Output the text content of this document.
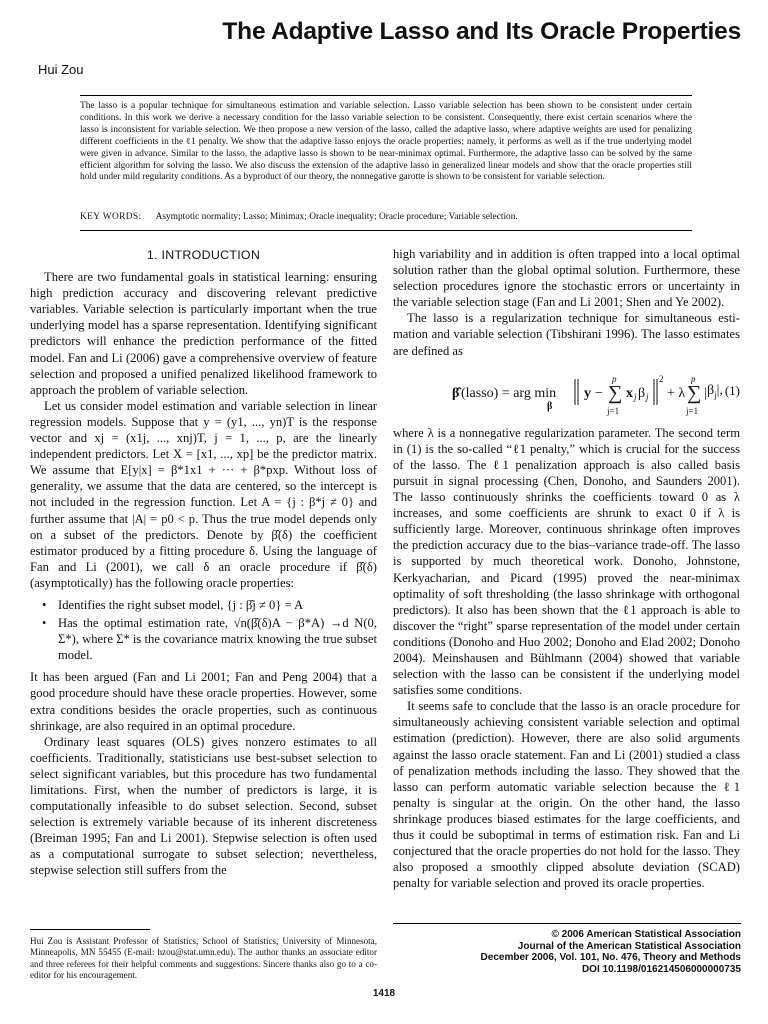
The Adaptive Lasso and Its Oracle Properties
Hui Zou
The lasso is a popular technique for simultaneous estimation and variable selection. Lasso variable selection has been shown to be consistent under certain conditions. In this work we derive a necessary condition for the lasso variable selection to be consistent. Consequently, there exist certain scenarios where the lasso is inconsistent for variable selection. We then propose a new version of the lasso, called the adaptive lasso, where adaptive weights are used for penalizing different coefficients in the ℓ1 penalty. We show that the adaptive lasso enjoys the oracle properties; namely, it performs as well as if the true underlying model were given in advance. Similar to the lasso, the adaptive lasso is shown to be near-minimax optimal. Furthermore, the adaptive lasso can be solved by the same efficient algorithm for solving the lasso. We also discuss the extension of the adaptive lasso in generalized linear models and show that the oracle properties still hold under mild regularity conditions. As a byproduct of our theory, the nonnegative garotte is shown to be consistent for variable selection.
KEY WORDS: Asymptotic normality; Lasso; Minimax; Oracle inequality; Oracle procedure; Variable selection.
1. INTRODUCTION

There are two fundamental goals in statistical learning: ensuring high prediction accuracy and discovering relevant predictive variables. Variable selection is particularly important when the true underlying model has a sparse representation. Identifying significant predictors will enhance the prediction performance of the fitted model. Fan and Li (2006) gave a comprehensive overview of feature selection and proposed a unified penalized likelihood framework to approach the problem of variable selection.

Let us consider model estimation and variable selection in linear regression models. Suppose that y = (y1, ..., yn)T is the response vector and xj = (x1j, ..., xnj)T, j = 1, ..., p, are the linearly independent predictors. Let X = [x1, ..., xp] be the predictor matrix. We assume that E[y|x] = β*1x1 + ··· + β*pxp. Without loss of generality, we assume that the data are centered, so the intercept is not included in the regression function. Let A = {j : β*j ≠ 0} and further assume that |A| = p0 < p. Thus the true model depends only on a subset of the predictors. Denote by β̂(δ) the coefficient estimator produced by a fitting procedure δ. Using the language of Fan and Li (2001), we call δ an oracle procedure if β̂(δ) (asymptotically) has the following oracle properties:

• Identifies the right subset model, {j : β̂j ≠ 0} = A
• Has the optimal estimation rate, √n(β̂(δ)A − β*A) →d N(0, Σ*), where Σ* is the covariance matrix knowing the true subset model.

It has been argued (Fan and Li 2001; Fan and Peng 2004) that a good procedure should have these oracle properties. However, some extra conditions besides the oracle properties, such as continuous shrinkage, are also required in an optimal procedure.

Ordinary least squares (OLS) gives nonzero estimates to all coefficients. Traditionally, statisticians use best-subset selection to select significant variables, but this procedure has two fundamental limitations. First, when the number of predictors is large, it is computationally infeasible to do subset selection. Second, subset selection is extremely variable because of its inherent discreteness (Breiman 1995; Fan and Li 2001). Stepwise selection is often used as a computational surrogate to subset selection; nevertheless, stepwise selection still suffers from the

high variability and in addition is often trapped into a local optimal solution rather than the global optimal solution. Furthermore, these selection procedures ignore the stochastic errors or uncertainty in the variable selection stage (Fan and Li 2001; Shen and Ye 2002).

The lasso is a regularization technique for simultaneous estimation and variable selection (Tibshirani 1996). The lasso estimates are defined as

β̂ (lasso) = arg min
β
y − ∑
p
j=1
x j β j
2
+ λ ∑
p
j=1
| $\beta_j|$, (1)

where λ is a nonnegative regularization parameter. The second term in (1) is the so-called “ℓ1 penalty,” which is crucial for the success of the lasso. The ℓ1 penalization approach is also called basis pursuit in signal processing (Chen, Donoho, and Saunders 2001). The lasso continuously shrinks the coefficients toward 0 as λ increases, and some coefficients are shrunk to exact 0 if λ is sufficiently large. Moreover, continuous shrinkage often improves the prediction accuracy due to the bias–variance trade-off. The lasso is supported by much theoretical work. Donoho, Johnstone, Kerkyacharian, and Picard (1995) proved the near-minimax optimality of soft thresholding (the lasso shrinkage with orthogonal predictors). It also has been shown that the ℓ1 approach is able to discover the “right” sparse representation of the model under certain conditions (Donoho and Huo 2002; Donoho and Elad 2002; Donoho 2004). Meinshausen and Bühlmann (2004) showed that variable selection with the lasso can be consistent if the underlying model satisfies some conditions.

It seems safe to conclude that the lasso is an oracle procedure for simultaneously achieving consistent variable selection and optimal estimation (prediction). However, there are also solid arguments against the lasso oracle statement. Fan and Li (2001) studied a class of penalization methods including the lasso. They showed that the lasso can perform automatic variable selection because the ℓ1 penalty is singular at the origin. On the other hand, the lasso shrinkage produces biased estimates for the large coefficients, and thus it could be suboptimal in terms of estimation risk. Fan and Li conjectured that the oracle properties do not hold for the lasso. They also proposed a smoothly clipped absolute deviation (SCAD) penalty for variable selection and proved its oracle properties.

Hui Zou is Assistant Professor of Statistics, School of Statistics, University of Minnesota, Minneapolis, MN 55455 (E-mail: hzou@stat.umn.edu). The author thanks an associate editor and three referees for their helpful comments and suggestions. Sincere thanks also go to a co-editor for his encouragement.
© 2006 American Statistical Association
Journal of the American Statistical Association
December 2006, Vol. 101, No. 476, Theory and Methods
DOI 10.1198/016214506000000735
1418
